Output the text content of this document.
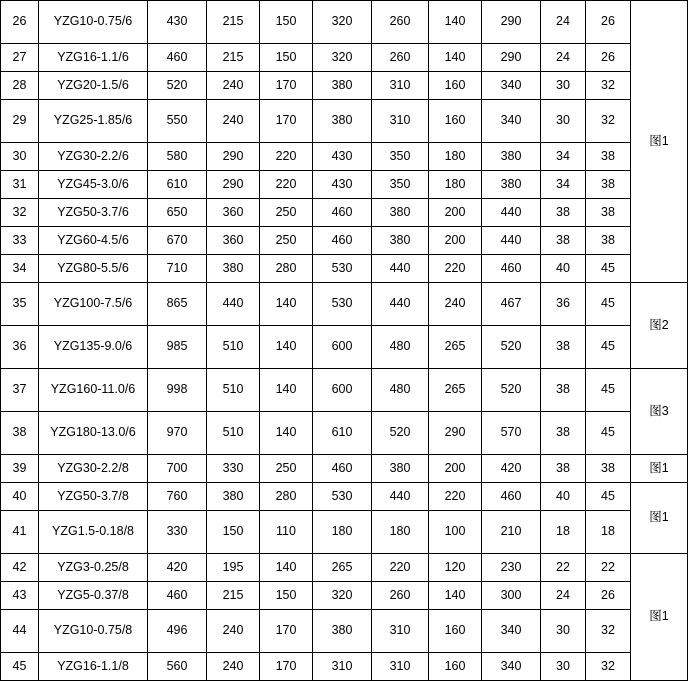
26	YZG10-0.75/6	430	215	150	320	260	140	290	24	26	图1
27	YZG16-1.1/6	460	215	150	320	260	140	290	24	26	
28	YZG20-1.5/6	520	240	170	380	310	160	340	30	32	
29	YZG25-1.85/6	550	240	170	380	310	160	340	30	32	
30	YZG30-2.2/6	580	290	220	430	350	180	380	34	38	
31	YZG45-3.0/6	610	290	220	430	350	180	380	34	38	
32	YZG50-3.7/6	650	360	250	460	380	200	440	38	38	
33	YZG60-4.5/6	670	360	250	460	380	200	440	38	38	
34	YZG80-5.5/6	710	380	280	530	440	220	460	40	45	
35	YZG100-7.5/6	865	440	140	530	440	240	467	36	45	图2
36	YZG135-9.0/6	985	510	140	600	480	265	520	38	45	
37	YZG160-11.0/6	998	510	140	600	480	265	520	38	45	图3
38	YZG180-13.0/6	970	510	140	610	520	290	570	38	45	
39	YZG30-2.2/8	700	330	250	460	380	200	420	38	38	图1
40	YZG50-3.7/8	760	380	280	530	440	220	460	40	45	图1
41	YZG1.5-0.18/8	330	150	110	180	180	100	210	18	18	
42	YZG3-0.25/8	420	195	140	265	220	120	230	22	22	图1
43	YZG5-0.37/8	460	215	150	320	260	140	300	24	26	
44	YZG10-0.75/8	496	240	170	380	310	160	340	30	32	
45	YZG16-1.1/8	560	240	170	310	310	160	340	30	32	
